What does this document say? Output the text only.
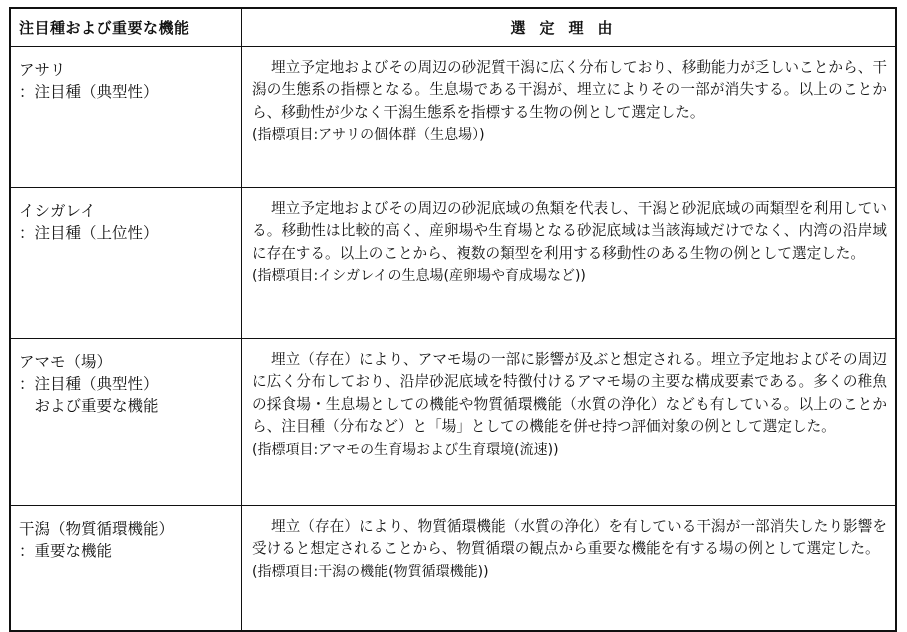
注目種および重要な機能	選定理由

アサリ
：注目種（典型性）	埋立予定地およびその周辺の砂泥質干潟に広く分布しており、移動能力が乏しいことから、干潟の生態系の指標となる。生息場である干潟が、埋立によりその一部が消失する。以上のことから、移動性が少なく干潟生態系を指標する生物の例として選定した。
(指標項目:アサリの個体群（生息場）)

イシガレイ
：注目種（上位性）	埋立予定地およびその周辺の砂泥底域の魚類を代表し、干潟と砂泥底域の両類型を利用している。移動性は比較的高く、産卵場や生育場となる砂泥底域は当該海域だけでなく、内湾の沿岸域に存在する。以上のことから、複数の類型を利用する移動性のある生物の例として選定した。
(指標項目:イシガレイの生息場(産卵場や育成場など))

アマモ（場）
：注目種（典型性）
　および重要な機能	埋立（存在）により、アマモ場の一部に影響が及ぶと想定される。埋立予定地およびその周辺に広く分布しており、沿岸砂泥底域を特徴付けるアマモ場の主要な構成要素である。多くの稚魚の採食場・生息場としての機能や物質循環機能（水質の浄化）なども有している。以上のことから、注目種（分布など）と「場」としての機能を併せ持つ評価対象の例として選定した。
(指標項目:アマモの生育場および生育環境(流速))

干潟（物質循環機能）
：重要な機能	埋立（存在）により、物質循環機能（水質の浄化）を有している干潟が一部消失したり影響を受けると想定されることから、物質循環の観点から重要な機能を有する場の例として選定した。
(指標項目:干潟の機能(物質循環機能))
